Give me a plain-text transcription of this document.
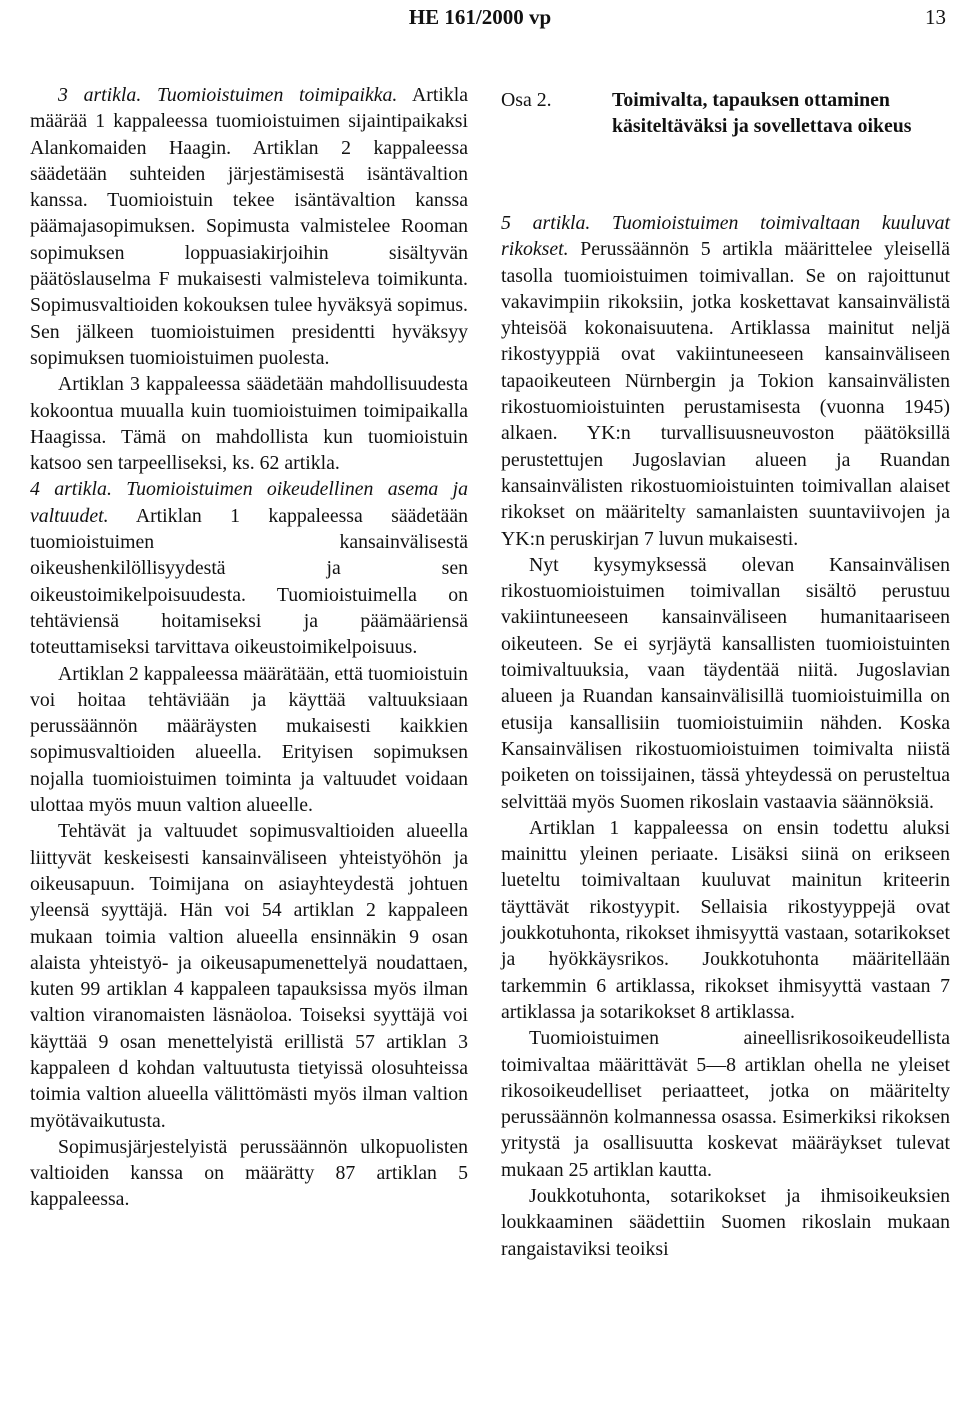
HE 161/2000 vp	13

3 artikla. Tuomioistuimen toimipaikka. Artikla määrää 1 kappaleessa tuomioistuimen sijaintipaikaksi Alankomaiden Haagin. Artiklan 2 kappaleessa säädetään suhteiden järjestämisestä isäntävaltion kanssa. Tuomioistuin tekee isäntävaltion kanssa päämajasopimuksen. Sopimusta valmistelee Rooman sopimuksen loppuasiakirjoihin sisältyvän päätöslauselma F mukaisesti valmisteleva toimikunta. Sopimusvaltioiden kokouksen tulee hyväksyä sopimus. Sen jälkeen tuomioistuimen presidentti hyväksyy sopimuksen tuomioistuimen puolesta.

Artiklan 3 kappaleessa säädetään mahdollisuudesta kokoontua muualla kuin tuomioistuimen toimipaikalla Haagissa. Tämä on mahdollista kun tuomioistuin katsoo sen tarpeelliseksi, ks. 62 artikla.

4 artikla. Tuomioistuimen oikeudellinen asema ja valtuudet. Artiklan 1 kappaleessa säädetään tuomioistuimen kansainvälisestä oikeushenkilöllisyydestä ja sen oikeustoimikelpoisuudesta. Tuomioistuimella on tehtäviensä hoitamiseksi ja päämääriensä toteuttamiseksi tarvittava oikeustoimikelpoisuus.

Artiklan 2 kappaleessa määrätään, että tuomioistuin voi hoitaa tehtäviään ja käyttää valtuuksiaan perussäännön määräysten mukaisesti kaikkien sopimusvaltioiden alueella. Erityisen sopimuksen nojalla tuomioistuimen toiminta ja valtuudet voidaan ulottaa myös muun valtion alueelle.

Tehtävät ja valtuudet sopimusvaltioiden alueella liittyvät keskeisesti kansainväliseen yhteistyöhön ja oikeusapuun. Toimijana on asiayhteydestä johtuen yleensä syyttäjä. Hän voi 54 artiklan 2 kappaleen mukaan toimia valtion alueella ensinnäkin 9 osan alaista yhteistyö- ja oikeusapumenettelyä noudattaen, kuten 99 artiklan 4 kappaleen tapauksissa myös ilman valtion viranomaisten läsnäoloa. Toiseksi syyttäjä voi käyttää 9 osan menettelyistä erillistä 57 artiklan 3 kappaleen d kohdan valtuutusta tietyissä olosuhteissa toimia valtion alueella välittömästi myös ilman valtion myötävaikutusta.

Sopimusjärjestelyistä perussäännön ulkopuolisten valtioiden kanssa on määrätty 87 artiklan 5 kappaleessa.

Osa 2.	Toimivalta, tapauksen ottaminen käsiteltäväksi ja sovellettava oikeus

5 artikla. Tuomioistuimen toimivaltaan kuuluvat rikokset. Perussäännön 5 artikla määrittelee yleisellä tasolla tuomioistuimen toimivallan. Se on rajoittunut vakavimpiin rikoksiin, jotka koskettavat kansainvälistä yhteisöä kokonaisuutena. Artiklassa mainitut neljä rikostyyppiä ovat vakiintuneeseen kansainväliseen tapaoikeuteen Nürnbergin ja Tokion kansainvälisten rikostuomioistuinten perustamisesta (vuonna 1945) alkaen. YK:n turvallisuusneuvoston päätöksillä perustettujen Jugoslavian alueen ja Ruandan kansainvälisten rikostuomioistuinten toimivallan alaiset rikokset on määritelty samanlaisten suuntaviivojen ja YK:n peruskirjan 7 luvun mukaisesti.

Nyt kysymyksessä olevan Kansainvälisen rikostuomioistuimen toimivallan sisältö perustuu vakiintuneeseen kansainväliseen humanitaariseen oikeuteen. Se ei syrjäytä kansallisten tuomioistuinten toimivaltuuksia, vaan täydentää niitä. Jugoslavian alueen ja Ruandan kansainvälisillä tuomioistuimilla on etusija kansallisiin tuomioistuimiin nähden. Koska Kansainvälisen rikostuomioistuimen toimivalta niistä poiketen on toissijainen, tässä yhteydessä on perusteltua selvittää myös Suomen rikoslain vastaavia säännöksiä.

Artiklan 1 kappaleessa on ensin todettu aluksi mainittu yleinen periaate. Lisäksi siinä on erikseen lueteltu toimivaltaan kuuluvat mainitun kriteerin täyttävät rikostyypit. Sellaisia rikostyyppejä ovat joukkotuhonta, rikokset ihmisyyttä vastaan, sotarikokset ja hyökkäysrikos. Joukkotuhonta määritellään tarkemmin 6 artiklassa, rikokset ihmisyyttä vastaan 7 artiklassa ja sotarikokset 8 artiklassa.

Tuomioistuimen aineellisrikosoikeudellista toimivaltaa määrittävät 5—8 artiklan ohella ne yleiset rikosoikeudelliset periaatteet, jotka on määritelty perussäännön kolmannessa osassa. Esimerkiksi rikoksen yritystä ja osallisuutta koskevat määräykset tulevat mukaan 25 artiklan kautta.

Joukkotuhonta, sotarikokset ja ihmisoikeuksien loukkaaminen säädettiin Suomen rikoslain mukaan rangaistaviksi teoiksi
